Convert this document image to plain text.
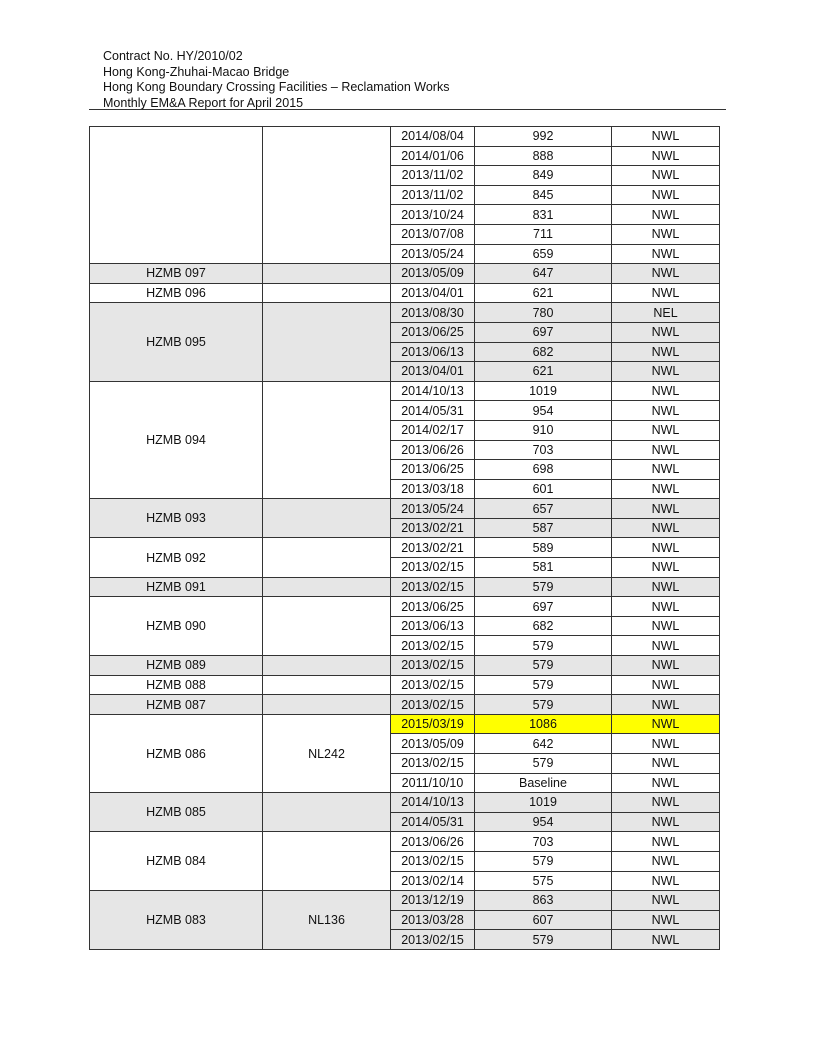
Contract No. HY/2010/02
Hong Kong-Zhuhai-Macao Bridge
Hong Kong Boundary Crossing Facilities – Reclamation Works
Monthly EM&A Report for April 2015
		2014/08/04	992	NWL
		2014/01/06	888	NWL
		2013/11/02	849	NWL
		2013/11/02	845	NWL
		2013/10/24	831	NWL
		2013/07/08	711	NWL
		2013/05/24	659	NWL
HZMB 097		2013/05/09	647	NWL
HZMB 096		2013/04/01	621	NWL
HZMB 095		2013/08/30	780	NEL
		2013/06/25	697	NWL
		2013/06/13	682	NWL
		2013/04/01	621	NWL
HZMB 094		2014/10/13	1019	NWL
		2014/05/31	954	NWL
		2014/02/17	910	NWL
		2013/06/26	703	NWL
		2013/06/25	698	NWL
		2013/03/18	601	NWL
HZMB 093		2013/05/24	657	NWL
		2013/02/21	587	NWL
HZMB 092		2013/02/21	589	NWL
		2013/02/15	581	NWL
HZMB 091		2013/02/15	579	NWL
HZMB 090		2013/06/25	697	NWL
		2013/06/13	682	NWL
		2013/02/15	579	NWL
HZMB 089		2013/02/15	579	NWL
HZMB 088		2013/02/15	579	NWL
HZMB 087		2013/02/15	579	NWL
HZMB 086	NL242	2015/03/19	1086	NWL
		2013/05/09	642	NWL
		2013/02/15	579	NWL
		2011/10/10	Baseline	NWL
HZMB 085		2014/10/13	1019	NWL
		2014/05/31	954	NWL
HZMB 084		2013/06/26	703	NWL
		2013/02/15	579	NWL
		2013/02/14	575	NWL
HZMB 083	NL136	2013/12/19	863	NWL
		2013/03/28	607	NWL
		2013/02/15	579	NWL
